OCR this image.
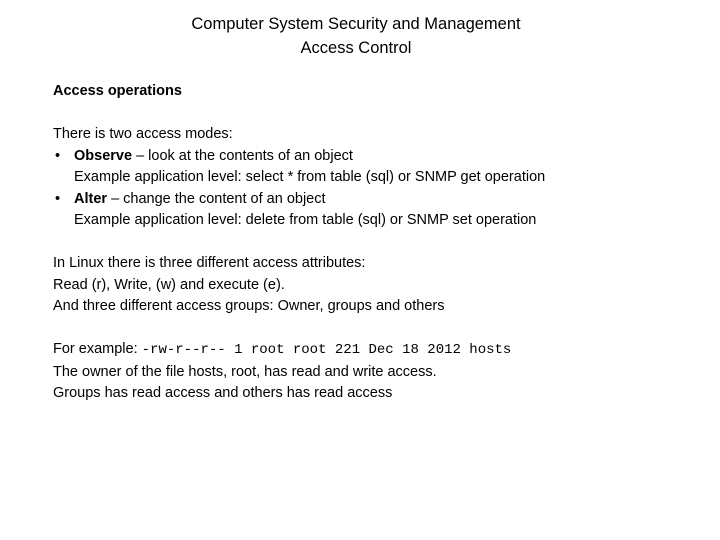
Computer System Security and Management
Access Control
Access operations
There is two access modes:
• Observe – look at the contents of an object
Example application level: select * from table (sql) or SNMP get operation
• Alter – change the content of an object
Example application level: delete from table (sql) or SNMP set operation
In Linux there is three different access attributes:
Read (r), Write, (w) and execute (e).
And three different access groups: Owner, groups and others
For example: -rw-r--r-- 1 root root 221 Dec 18 2012 hosts
The owner of the file hosts, root, has read and write access.
Groups has read access and others has read access
